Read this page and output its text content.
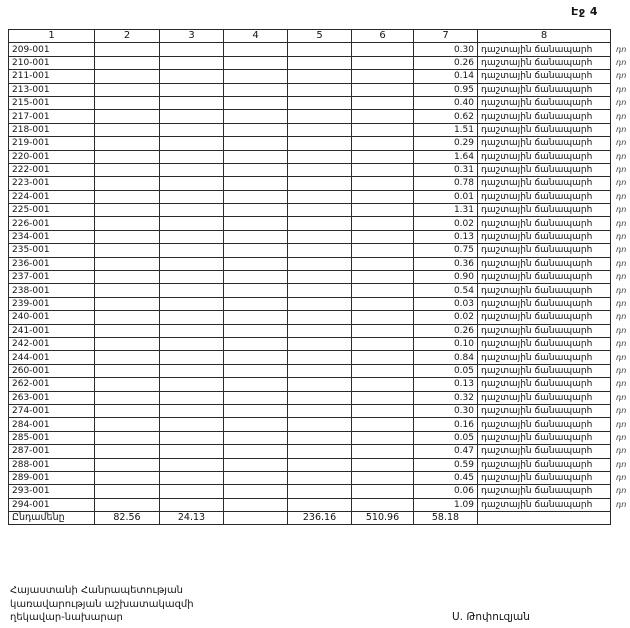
Էջ 4
1	2	3	4	5	6	7	8	
209-001						0.30	դաշտային ճանապարհ	դո
210-001						0.26	դաշտային ճանապարհ	դո
211-001						0.14	դաշտային ճանապարհ	դո
213-001						0.95	դաշտային ճանապարհ	դո
215-001						0.40	դաշտային ճանապարհ	դո
217-001						0.62	դաշտային ճանապարհ	դո
218-001						1.51	դաշտային ճանապարհ	դո
219-001						0.29	դաշտային ճանապարհ	դո
220-001						1.64	դաշտային ճանապարհ	դո
222-001						0.31	դաշտային ճանապարհ	դո
223-001						0.78	դաշտային ճանապարհ	դո
224-001						0.01	դաշտային ճանապարհ	դո
225-001						1.31	դաշտային ճանապարհ	դո
226-001						0.02	դաշտային ճանապարհ	դո
234-001						0.13	դաշտային ճանապարհ	դո
235-001						0.75	դաշտային ճանապարհ	դո
236-001						0.36	դաշտային ճանապարհ	դո
237-001						0.90	դաշտային ճանապարհ	դո
238-001						0.54	դաշտային ճանապարհ	դո
239-001						0.03	դաշտային ճանապարհ	դո
240-001						0.02	դաշտային ճանապարհ	դո
241-001						0.26	դաշտային ճանապարհ	դո
242-001						0.10	դաշտային ճանապարհ	դո
244-001						0.84	դաշտային ճանապարհ	դո
260-001						0.05	դաշտային ճանապարհ	դո
262-001						0.13	դաշտային ճանապարհ	դո
263-001						0.32	դաշտային ճանապարհ	դո
274-001						0.30	դաշտային ճանապարհ	դո
284-001						0.16	դաշտային ճանապարհ	դո
285-001						0.05	դաշտային ճանապարհ	դո
287-001						0.47	դաշտային ճանապարհ	դո
288-001						0.59	դաշտային ճանապարհ	դո
289-001						0.45	դաշտային ճանապարհ	դո
293-001						0.06	դաշտային ճանապարհ	դո
294-001						1.09	դաշտային ճանապարհ	դո
Ընդամենը	82.56	24.13		236.16	510.96	58.18		
Հայաստանի Հանրապետության
կառավարության աշխատակազմի
ղեկավար-նախարար	Ս. Թոփուզյան
